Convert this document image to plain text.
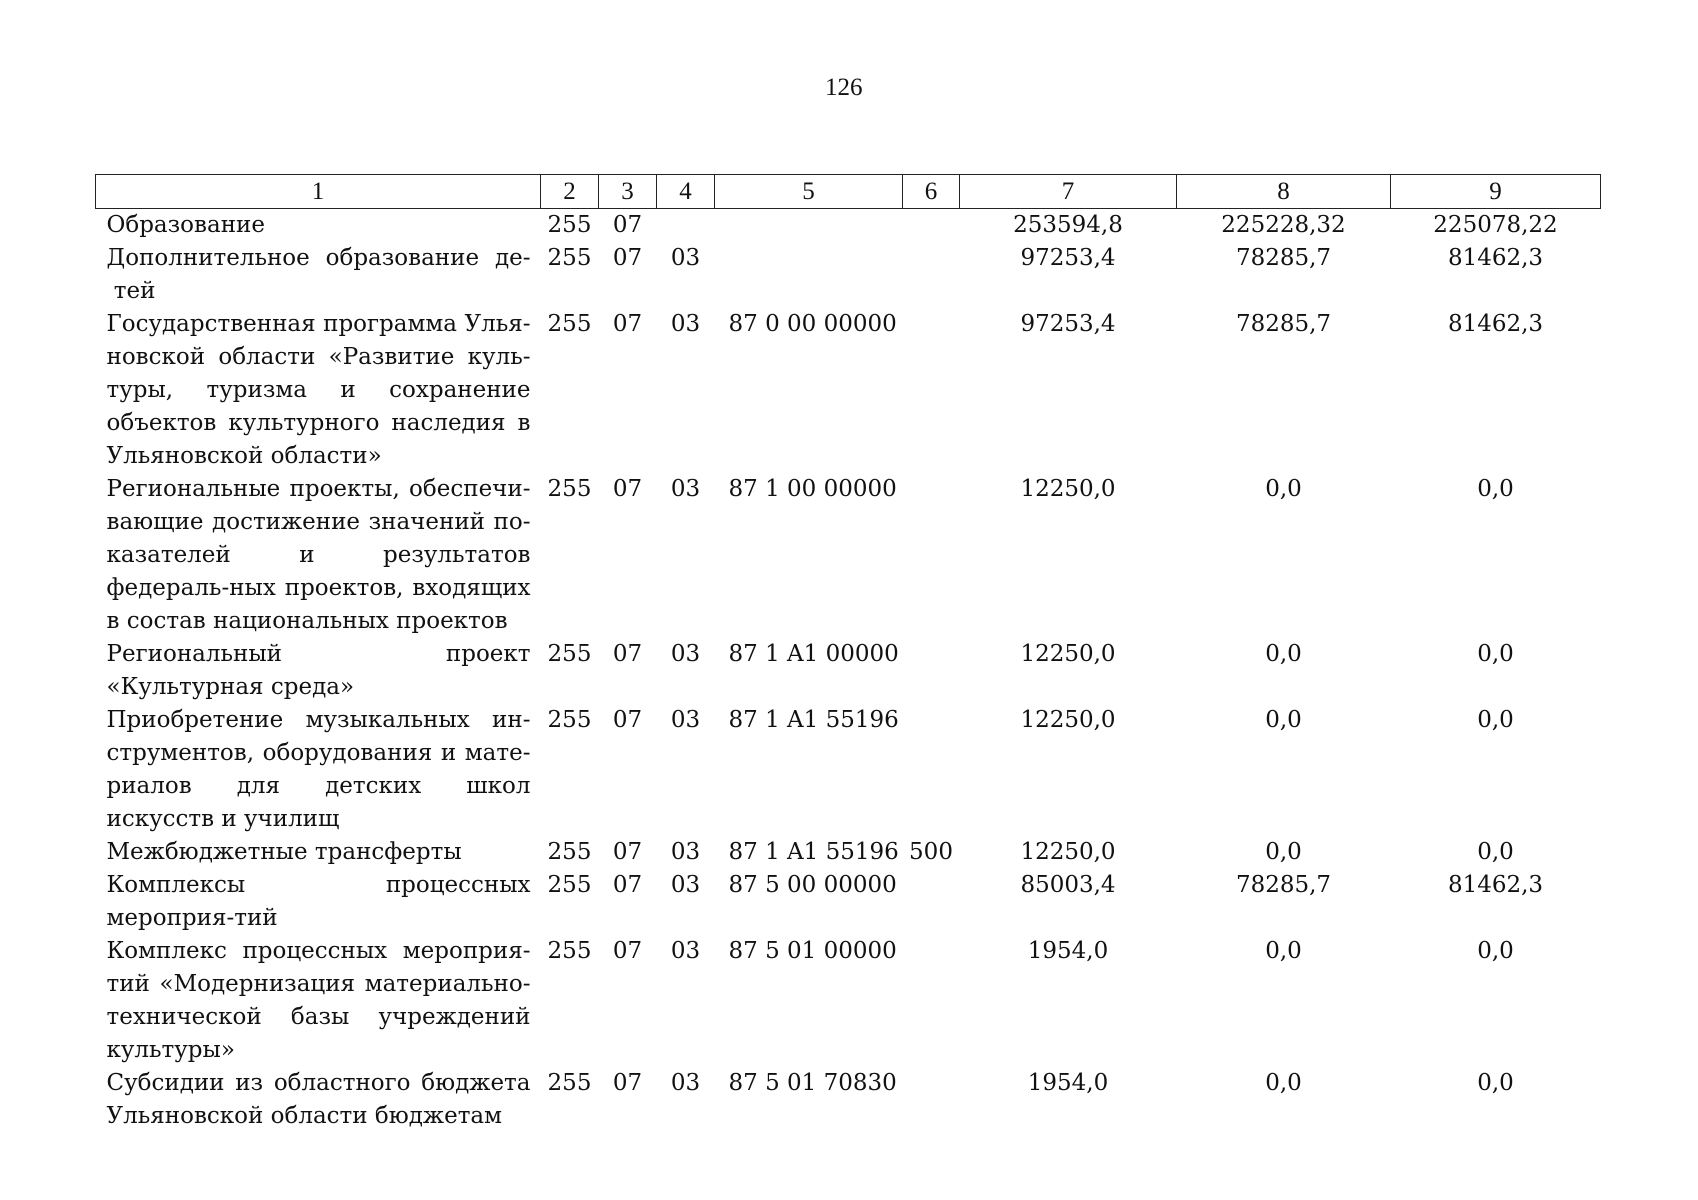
126
1	2	3	4	5	6	7	8	9
Образование	255	07				253594,8	225228,32	225078,22
Дополнительное образование де- тей	255	07	03			97253,4	78285,7	81462,3
Государственная программа Улья-новской области «Развитие куль-туры, туризма и сохранение объектов культурного наследия в Ульяновской области»	255	07	03	87 0 00 00000		97253,4	78285,7	81462,3
Региональные проекты, обеспечи-вающие достижение значений по-казателей и результатов федераль-ных проектов, входящих в состав национальных проектов	255	07	03	87 1 00 00000		12250,0	0,0	0,0
Региональный проект «Культурная среда»	255	07	03	87 1 A1 00000		12250,0	0,0	0,0
Приобретение музыкальных ин-струментов, оборудования и мате-риалов для детских школ искусств и училищ	255	07	03	87 1 A1 55196		12250,0	0,0	0,0
Межбюджетные трансферты	255	07	03	87 1 A1 55196	500	12250,0	0,0	0,0
Комплексы процессных мероприя-тий	255	07	03	87 5 00 00000		85003,4	78285,7	81462,3
Комплекс процессных мероприя-тий «Модернизация материально-технической базы учреждений культуры»	255	07	03	87 5 01 00000		1954,0	0,0	0,0
Субсидии из областного бюджета Ульяновской области бюджетам	255	07	03	87 5 01 70830		1954,0	0,0	0,0
